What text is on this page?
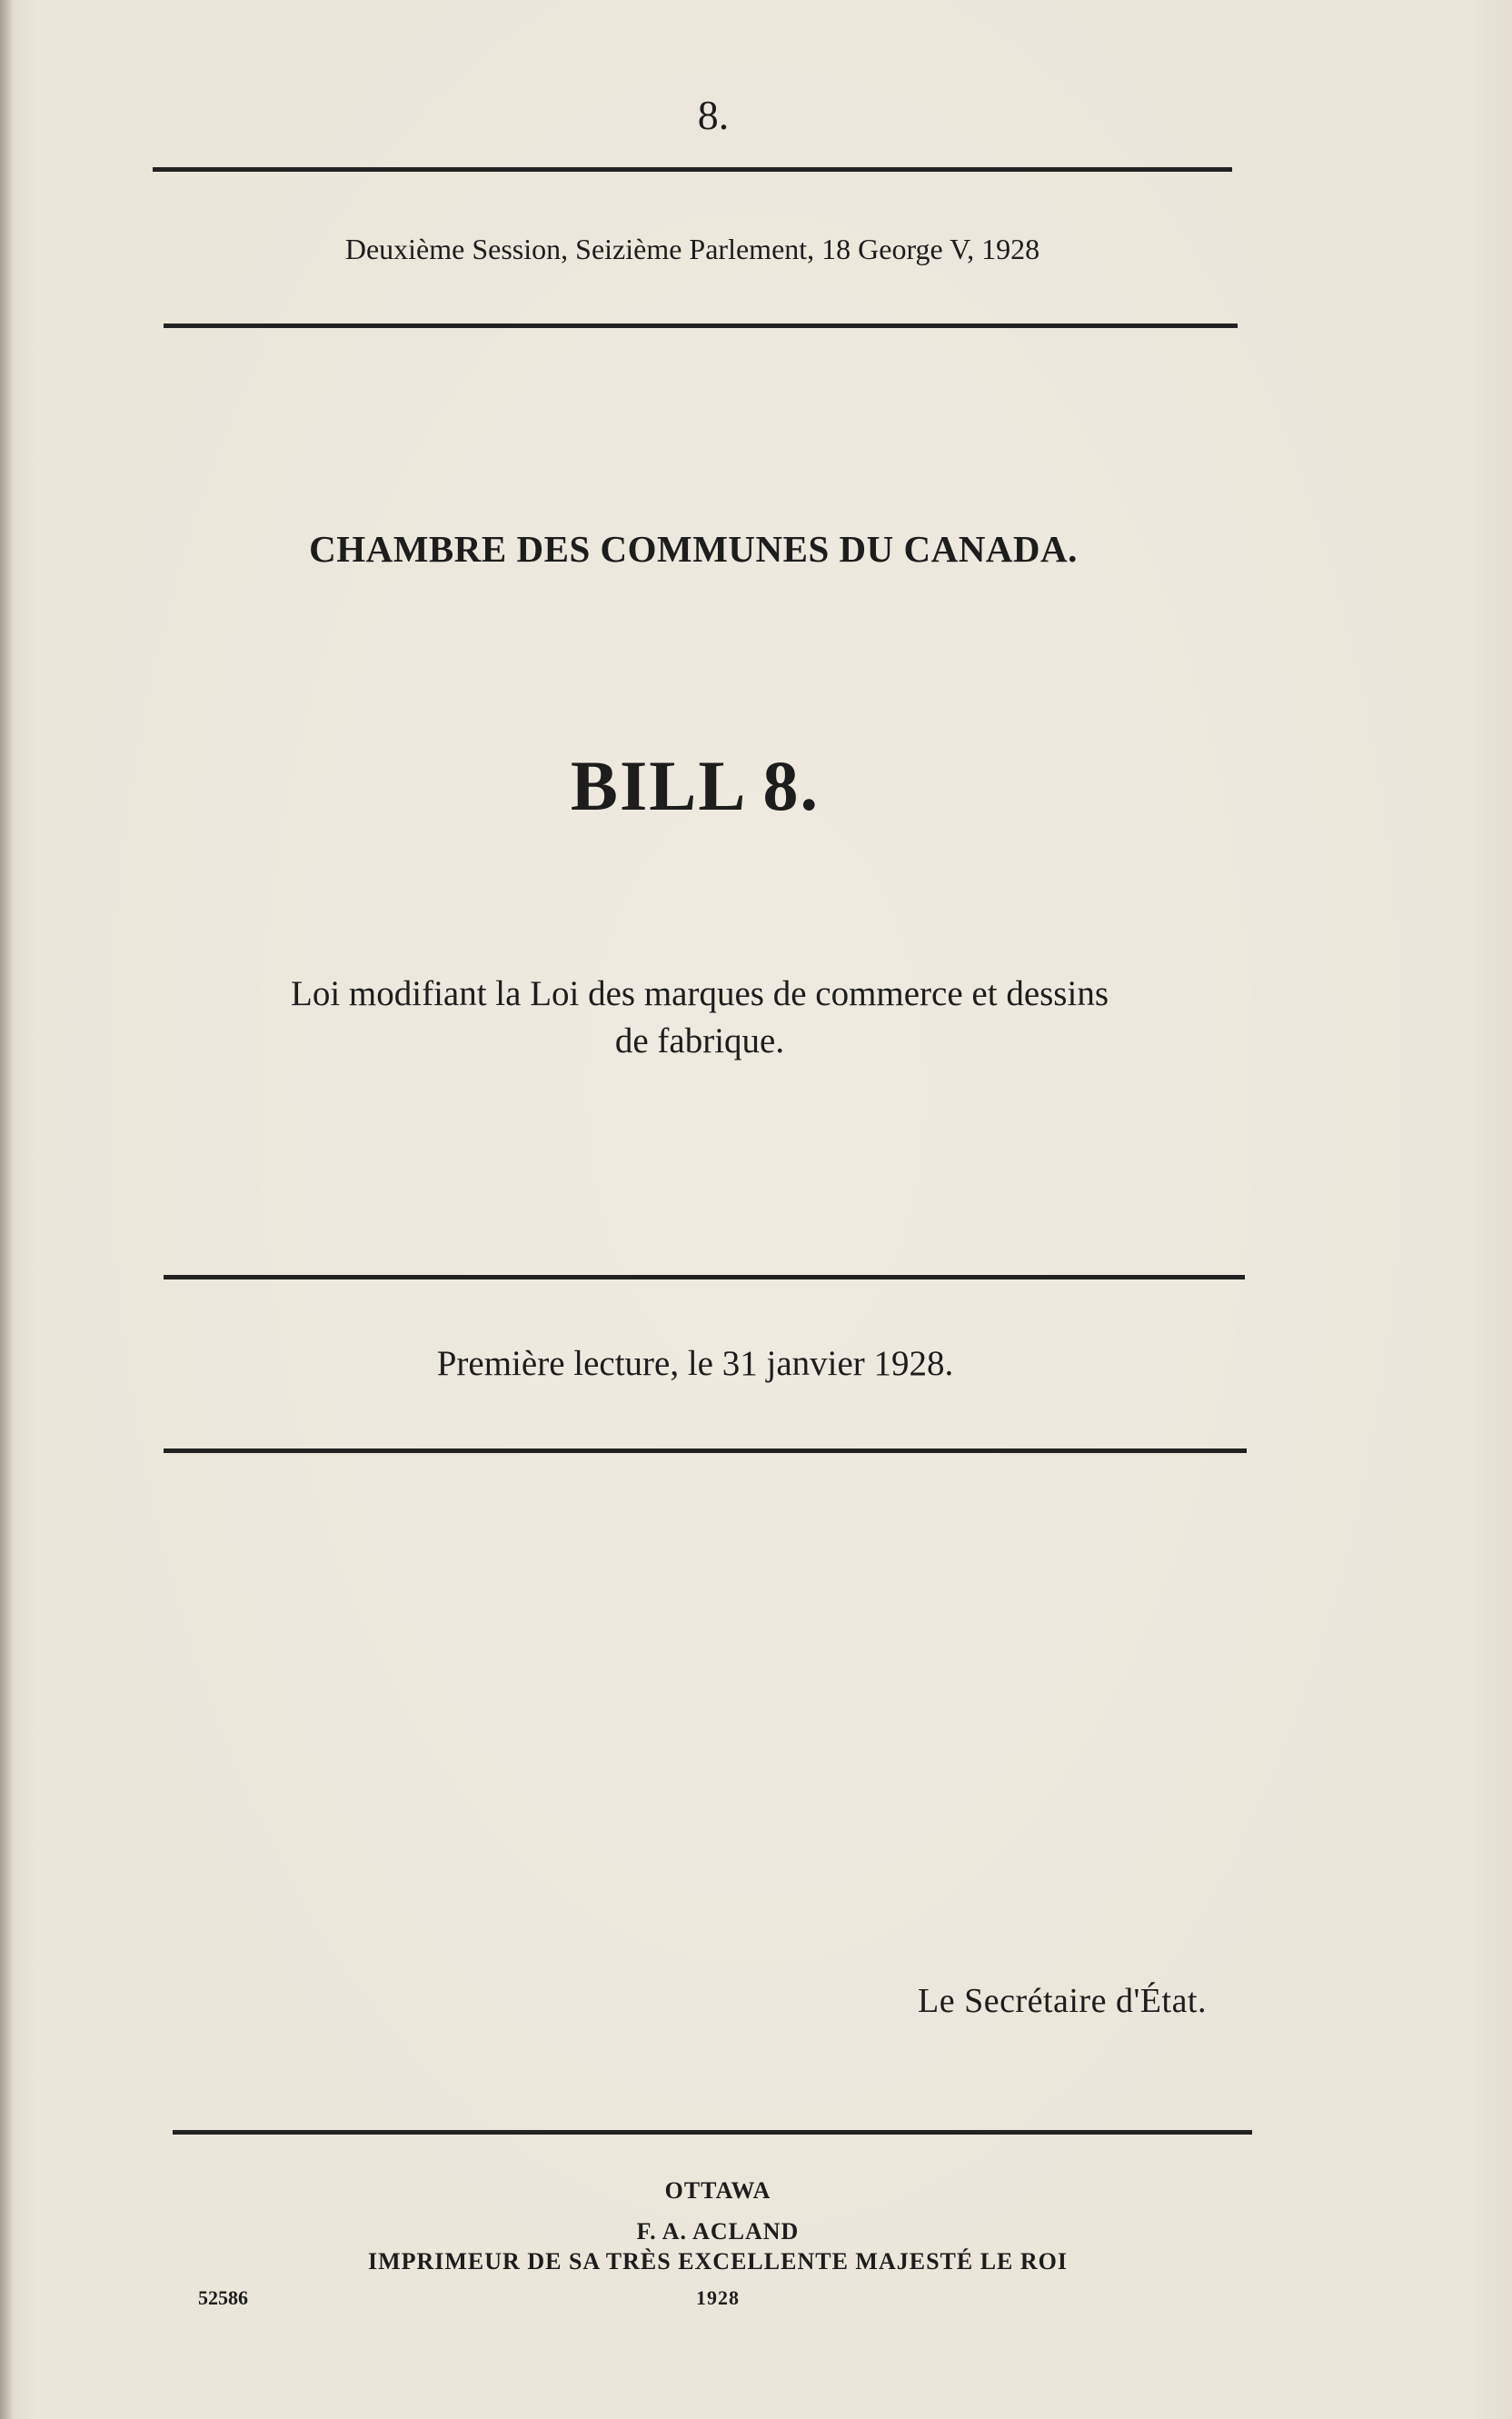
8.
Deuxième Session, Seizième Parlement, 18 George V, 1928
CHAMBRE DES COMMUNES DU CANADA.
BILL 8.
Loi modifiant la Loi des marques de commerce et dessins
de fabrique.
Première lecture, le 31 janvier 1928.
Le Secrétaire d'État.
OTTAWA
F. A. ACLAND
IMPRIMEUR DE SA TRÈS EXCELLENTE MAJESTÉ LE ROI
1928
52586
